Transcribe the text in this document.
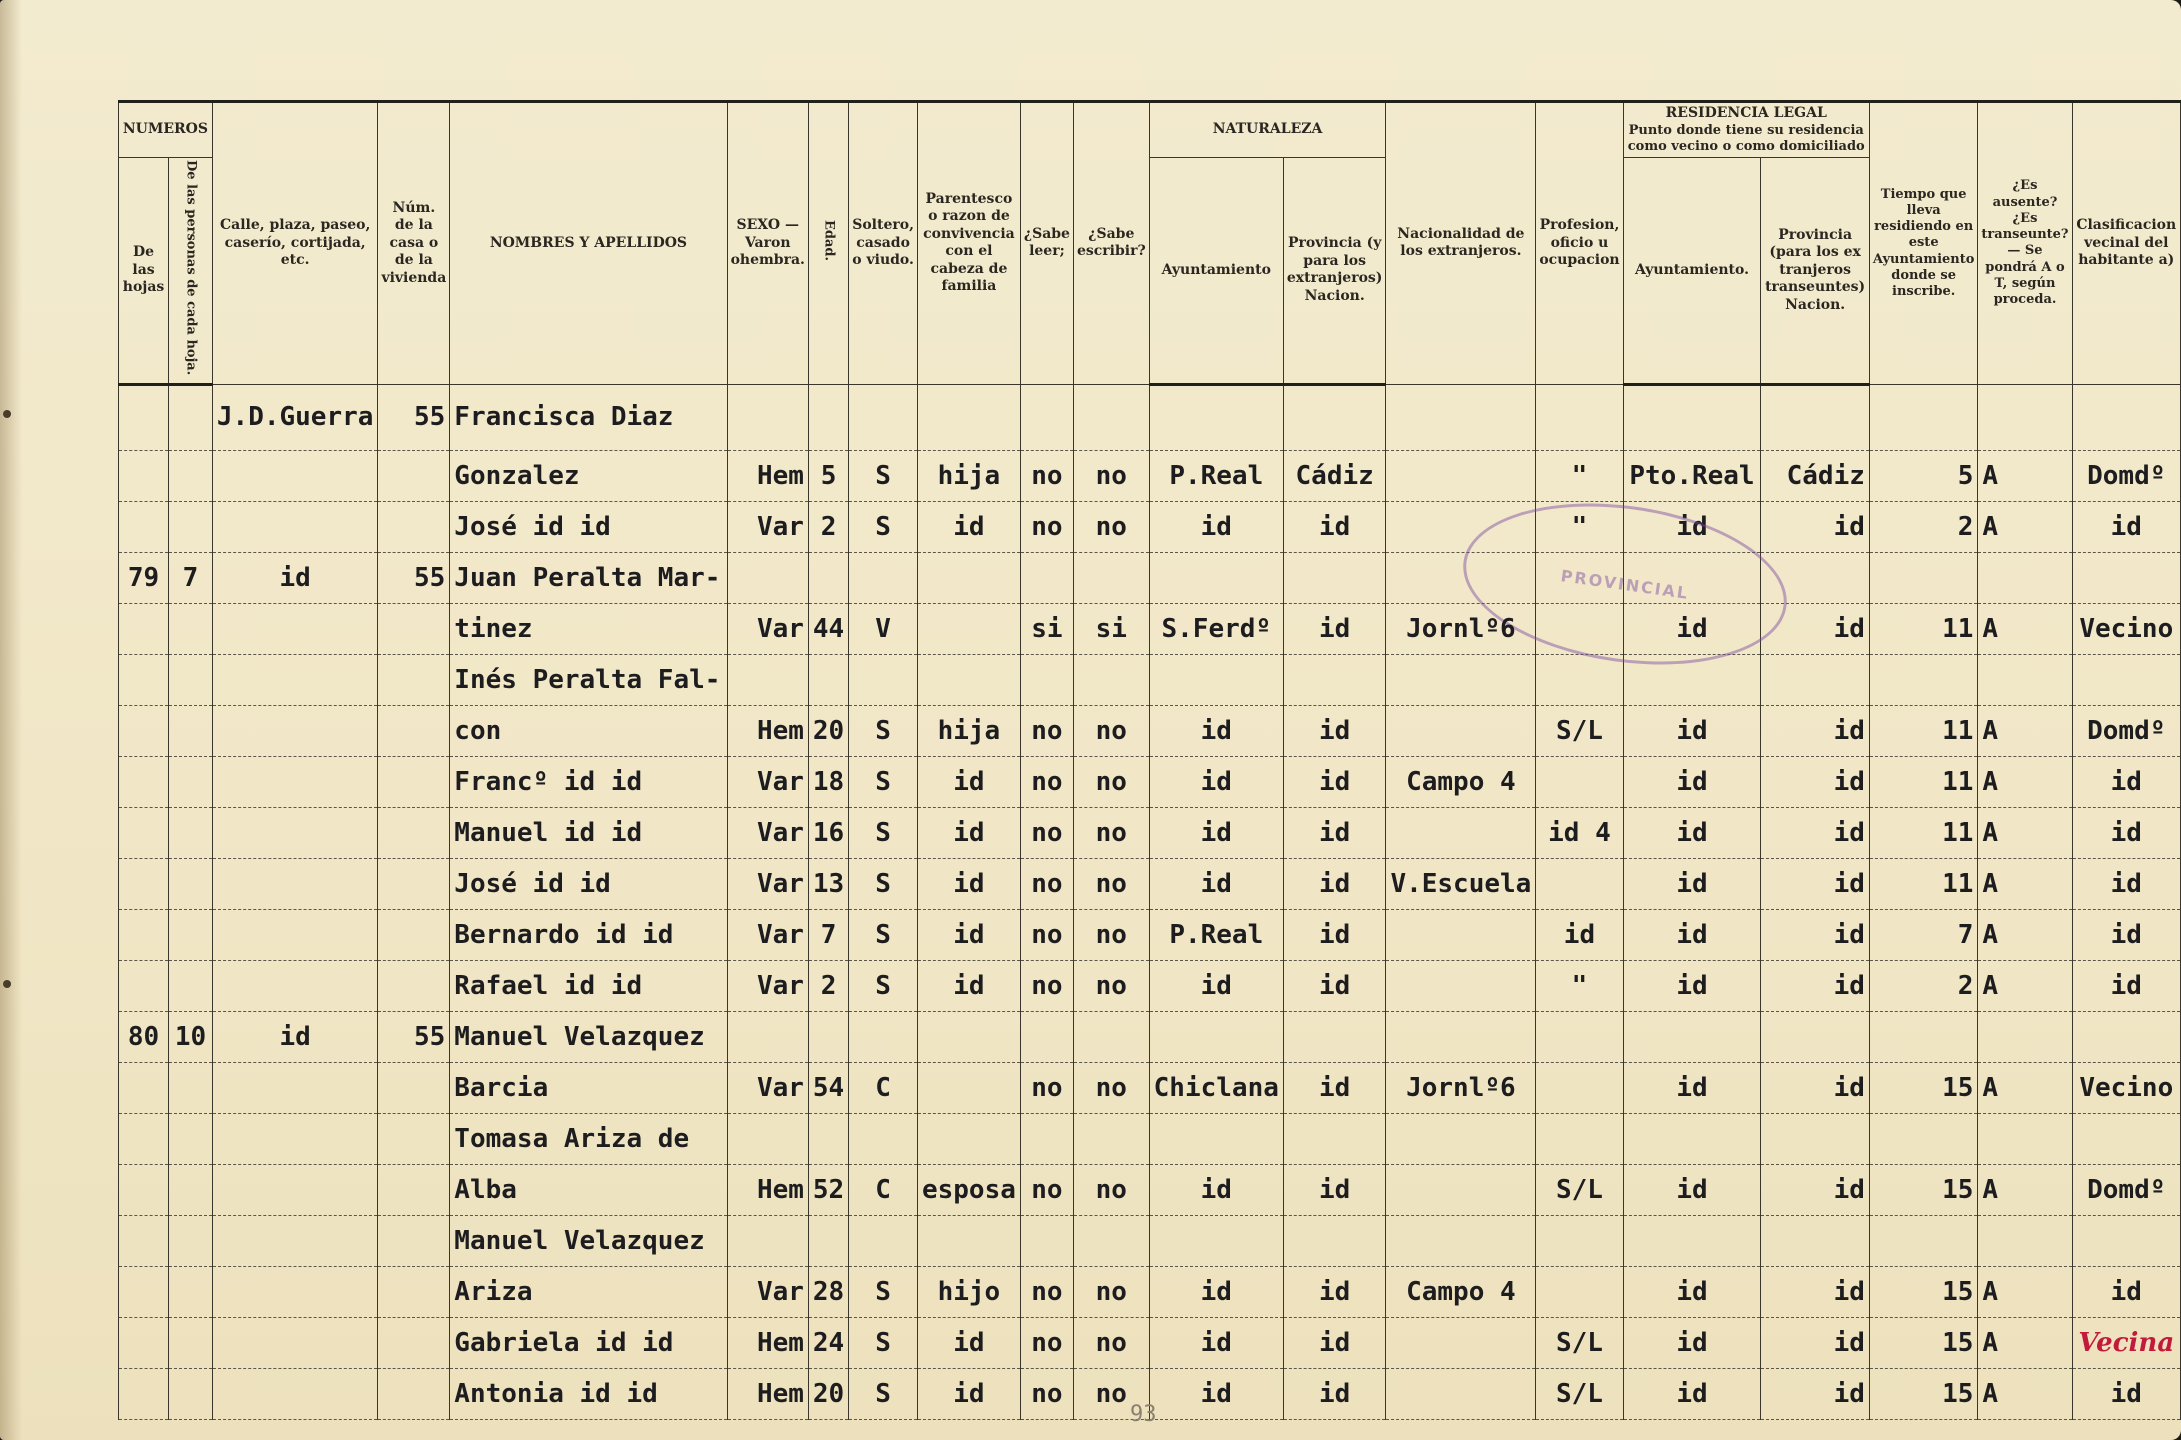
NUMEROS		Calle, plaza, paseo, caserío, cortijada, etc.	Núm. de la casa o de la vivienda	NOMBRES Y APELLIDOS	SEXO — Varon ohembra.	Edad.	Soltero, casado o viudo.	Parentesco o razon de convivencia con el cabeza de familia	¿Sabe leer;	¿Sabe escribir?	NATURALEZA		Nacionalidad de los extranjeros.	Profesion, oficio u ocupacion	RESIDENCIA LEGAL
Punto donde tiene su residencia como vecino o como domiciliado		Tiempo que lleva residiendo en este Ayuntamiento donde se inscribe.	¿Es ausente? ¿Es transeunte? — Se pondrá A o T, según proceda.	Clasificacion vecinal del habitante a)
De las hojas	De las personas de cada hoja.										Ayuntamiento	Provincia (y para los extranjeros) Nacion.			Ayuntamiento.	Provincia (para los ex tranjeros transeuntes) Nacion.			
		J.D.Guerra	55	Francisca Diaz															
				Gonzalez	Hem	5	S	hija	no	no	P.Real	Cádiz		"	Pto.Real	Cádiz	5	A	Domdº
				José id id	Var	2	S	id	no	no	id	id		"	id	id	2	A	id
79	7	id	55	Juan Peralta Mar-															
				tinez	Var	44	V		si	si	S.Ferdº	id	Jornlº6		id	id	11	A	Vecino
				Inés Peralta Fal-															
				con	Hem	20	S	hija	no	no	id	id		S/L	id	id	11	A	Domdº
				Francº id id	Var	18	S	id	no	no	id	id	Campo 4		id	id	11	A	id
				Manuel id id	Var	16	S	id	no	no	id	id		id 4	id	id	11	A	id
				José id id	Var	13	S	id	no	no	id	id	V.Escuela		id	id	11	A	id
				Bernardo id id	Var	7	S	id	no	no	P.Real	id		id	id	id	7	A	id
				Rafael id id	Var	2	S	id	no	no	id	id		"	id	id	2	A	id
80	10	id	55	Manuel Velazquez															
				Barcia	Var	54	C		no	no	Chiclana	id	Jornlº6		id	id	15	A	Vecino
				Tomasa Ariza de															
				Alba	Hem	52	C	esposa	no	no	id	id		S/L	id	id	15	A	Domdº
				Manuel Velazquez															
				Ariza	Var	28	S	hijo	no	no	id	id	Campo 4		id	id	15	A	id
				Gabriela id id	Hem	24	S	id	no	no	id	id		S/L	id	id	15	A	Vecina
				Antonia id id	Hem	20	S	id	no	no	id	id		S/L	id	id	15	A	id
PROVINCIAL
93
